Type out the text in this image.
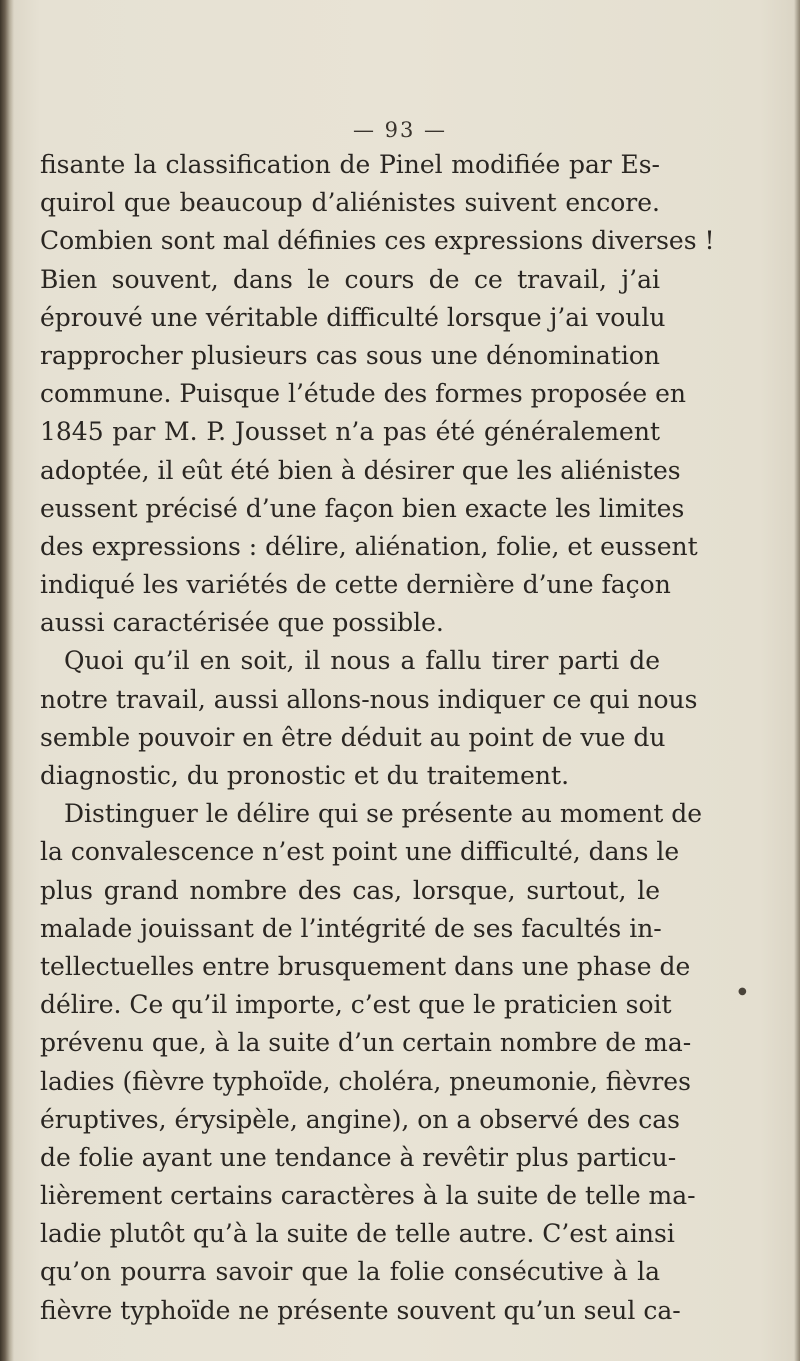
— 93 —
fisante la classification de Pinel modifiée par Es-
quirol que beaucoup d’aliénistes suivent encore.
Combien sont mal définies ces expressions diverses !
Bien souvent, dans le cours de ce travail, j’ai
éprouvé une véritable difficulté lorsque j’ai voulu
rapprocher plusieurs cas sous une dénomination
commune. Puisque l’étude des formes proposée en
1845 par M. P. Jousset n’a pas été généralement
adoptée, il eût été bien à désirer que les aliénistes
eussent précisé d’une façon bien exacte les limites
des expressions : délire, aliénation, folie, et eussent
indiqué les variétés de cette dernière d’une façon
aussi caractérisée que possible.
Quoi qu’il en soit, il nous a fallu tirer parti de
notre travail, aussi allons-nous indiquer ce qui nous
semble pouvoir en être déduit au point de vue du
diagnostic, du pronostic et du traitement.
Distinguer le délire qui se présente au moment de
la convalescence n’est point une difficulté, dans le
plus grand nombre des cas, lorsque, surtout, le
malade jouissant de l’intégrité de ses facultés in-
tellectuelles entre brusquement dans une phase de
délire. Ce qu’il importe, c’est que le praticien soit
prévenu que, à la suite d’un certain nombre de ma-
ladies (fièvre typhoïde, choléra, pneumonie, fièvres
éruptives, érysipèle, angine), on a observé des cas
de folie ayant une tendance à revêtir plus particu-
lièrement certains caractères à la suite de telle ma-
ladie plutôt qu’à la suite de telle autre. C’est ainsi
qu’on pourra savoir que la folie consécutive à la
fièvre typhoïde ne présente souvent qu’un seul ca-
●
